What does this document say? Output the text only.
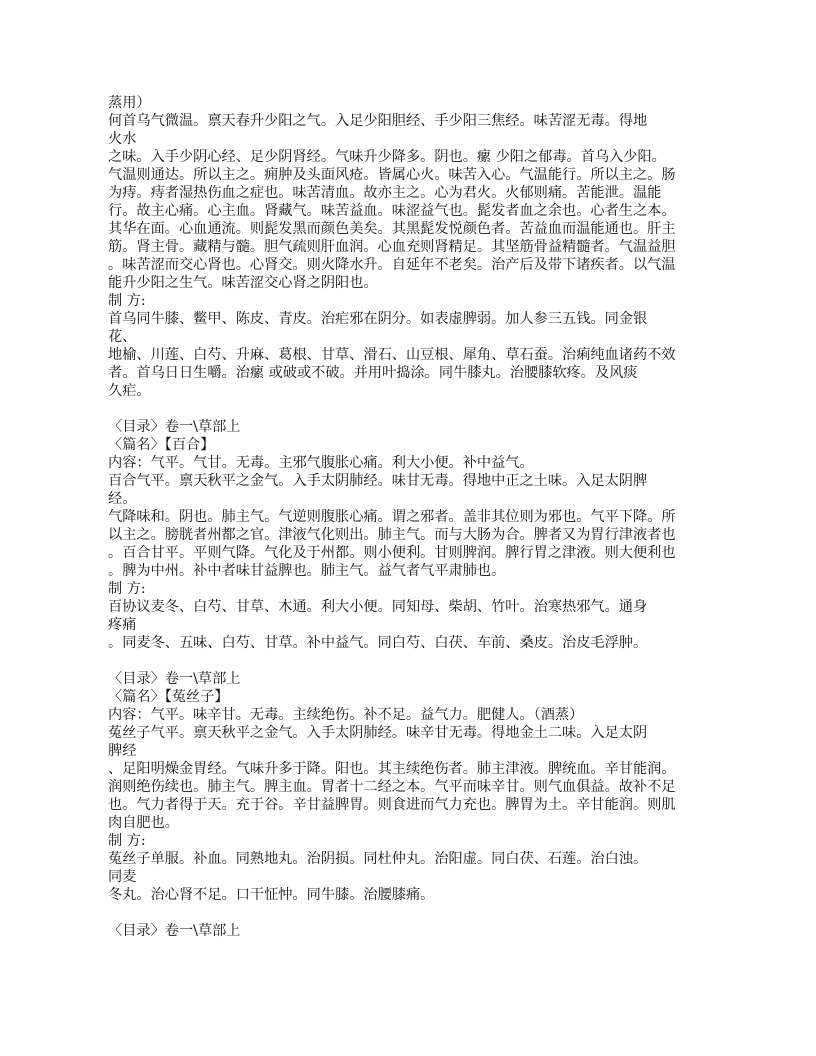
蒸用）
何首乌气微温。禀天春升少阳之气。入足少阳胆经、手少阳三焦经。味苦涩无毒。得地
火水
之味。入手少阴心经、足少阴肾经。气味升少降多。阴也。瘰 少阳之郁毒。首乌入少阳。
气温则通达。所以主之。痈肿及头面风疮。皆属心火。味苦入心。气温能行。所以主之。肠
为痔。痔者湿热伤血之症也。味苦清血。故亦主之。心为君火。火郁则痛。苦能泄。温能
行。故主心痛。心主血。肾藏气。味苦益血。味涩益气也。髭发者血之余也。心者生之本。
其华在面。心血通流。则髭发黑而颜色美矣。其黑髭发悦颜色者。苦益血而温能通也。肝主
筋。肾主骨。藏精与髓。胆气疏则肝血润。心血充则肾精足。其坚筋骨益精髓者。气温益胆
。味苦涩而交心肾也。心肾交。则火降水升。自延年不老矣。治产后及带下诸疾者。以气温
能升少阳之生气。味苦涩交心肾之阴阳也。
制 方:
首乌同牛膝、鳖甲、陈皮、青皮。治疟邪在阴分。如表虚脾弱。加人参三五钱。同金银
花、
地榆、川莲、白芍、升麻、葛根、甘草、滑石、山豆根、犀角、草石蚕。治痢纯血诸药不效
者。首乌日日生嚼。治瘰 或破或不破。并用叶捣涂。同牛膝丸。治腰膝软疼。及风痰
久疟。
〈目录〉卷一\草部上
〈篇名〉【百合】
内容：气平。气甘。无毒。主邪气腹胀心痛。利大小便。补中益气。
百合气平。禀天秋平之金气。入手太阴肺经。味甘无毒。得地中正之土味。入足太阴脾
经。
气降味和。阴也。肺主气。气逆则腹胀心痛。谓之邪者。盖非其位则为邪也。气平下降。所
以主之。膀胱者州都之官。津液气化则出。肺主气。而与大肠为合。脾者又为胃行津液者也
。百合甘平。平则气降。气化及于州都。则小便利。甘则脾润。脾行胃之津液。则大便利也
。脾为中州。补中者味甘益脾也。肺主气。益气者气平肃肺也。
制 方:
百协议麦冬、白芍、甘草、木通。利大小便。同知母、柴胡、竹叶。治寒热邪气。通身
疼痛
。同麦冬、五味、白芍、甘草。补中益气。同白芍、白茯、车前、桑皮。治皮毛浮肿。
〈目录〉卷一\草部上
〈篇名〉【菟丝子】
内容：气平。味辛甘。无毒。主续绝伤。补不足。益气力。肥健人。（酒蒸）
菟丝子气平。禀天秋平之金气。入手太阴肺经。味辛甘无毒。得地金土二味。入足太阴
脾经
、足阳明燥金胃经。气味升多于降。阳也。其主续绝伤者。肺主津液。脾统血。辛甘能润。
润则绝伤续也。肺主气。脾主血。胃者十二经之本。气平而味辛甘。则气血俱益。故补不足
也。气力者得于天。充于谷。辛甘益脾胃。则食进而气力充也。脾胃为土。辛甘能润。则肌
肉自肥也。
制 方:
菟丝子单服。补血。同熟地丸。治阴损。同杜仲丸。治阳虚。同白茯、石莲。治白浊。
同麦
冬丸。治心肾不足。口干怔忡。同牛膝。治腰膝痛。
〈目录〉卷一\草部上
